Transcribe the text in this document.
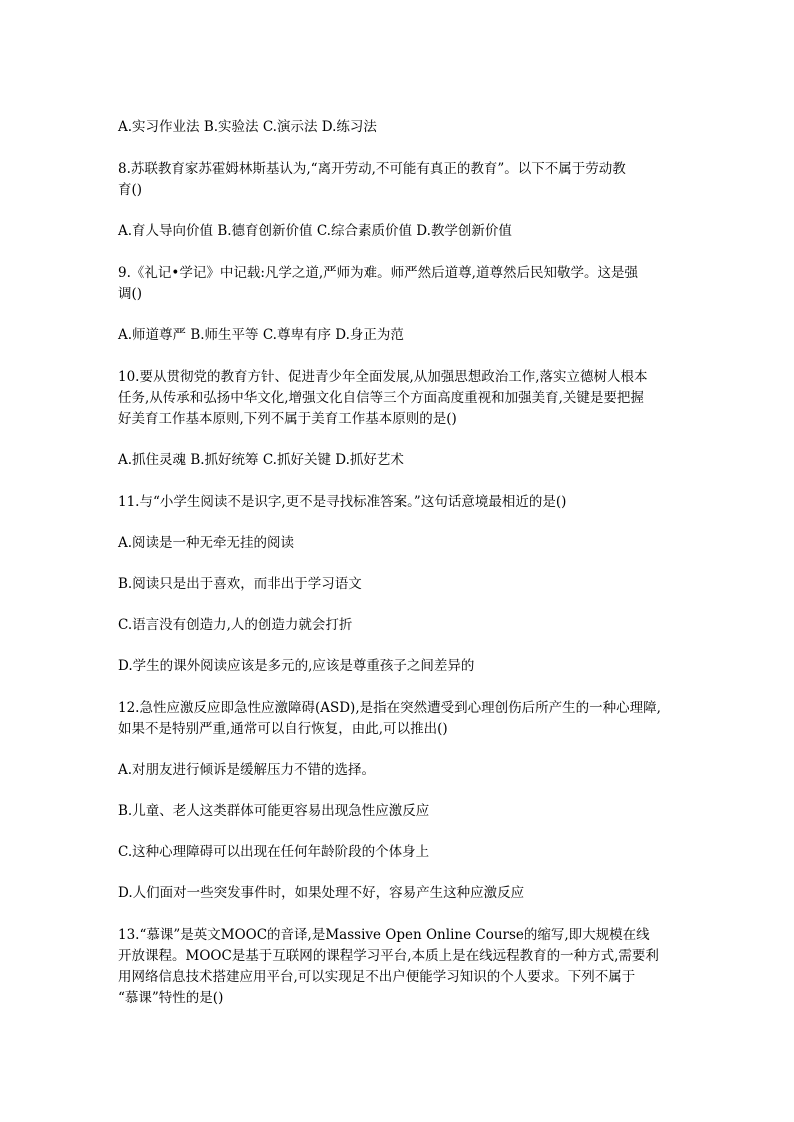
A.实习作业法 B.实验法 C.演示法 D.练习法

8.苏联教育家苏霍姆林斯基认为,“离开劳动,不可能有真正的教育”。以下不属于劳动教
育()

A.育人导向价值 B.德育创新价值 C.综合素质价值 D.教学创新价值

9.《礼记•学记》中记载:凡学之道,严师为难。师严然后道尊,道尊然后民知敬学。这是强
调()

A.师道尊严 B.师生平等 C.尊卑有序 D.身正为范

10.要从贯彻党的教育方针、促进青少年全面发展,从加强思想政治工作,落实立德树人根本
任务,从传承和弘扬中华文化,增强文化自信等三个方面高度重视和加强美育,关键是要把握
好美育工作基本原则,下列不属于美育工作基本原则的是()

A.抓住灵魂 B.抓好统筹 C.抓好关键 D.抓好艺术

11.与“小学生阅读不是识字,更不是寻找标准答案。”这句话意境最相近的是()

A.阅读是一种无牵无挂的阅读

B.阅读只是出于喜欢，而非出于学习语文

C.语言没有创造力,人的创造力就会打折

D.学生的课外阅读应该是多元的,应该是尊重孩子之间差异的

12.急性应激反应即急性应激障碍(ASD),是指在突然遭受到心理创伤后所产生的一种心理障,
如果不是特别严重,通常可以自行恢复，由此,可以推出()

A.对朋友进行倾诉是缓解压力不错的选择。

B.儿童、老人这类群体可能更容易出现急性应激反应

C.这种心理障碍可以出现在任何年龄阶段的个体身上

D.人们面对一些突发事件时，如果处理不好，容易产生这种应激反应

13.“慕课”是英文MOOC的音译,是Massive Open Online Course的缩写,即大规模在线
开放课程。MOOC是基于互联网的课程学习平台,本质上是在线远程教育的一种方式,需要利
用网络信息技术搭建应用平台,可以实现足不出户便能学习知识的个人要求。下列不属于
“慕课”特性的是()
